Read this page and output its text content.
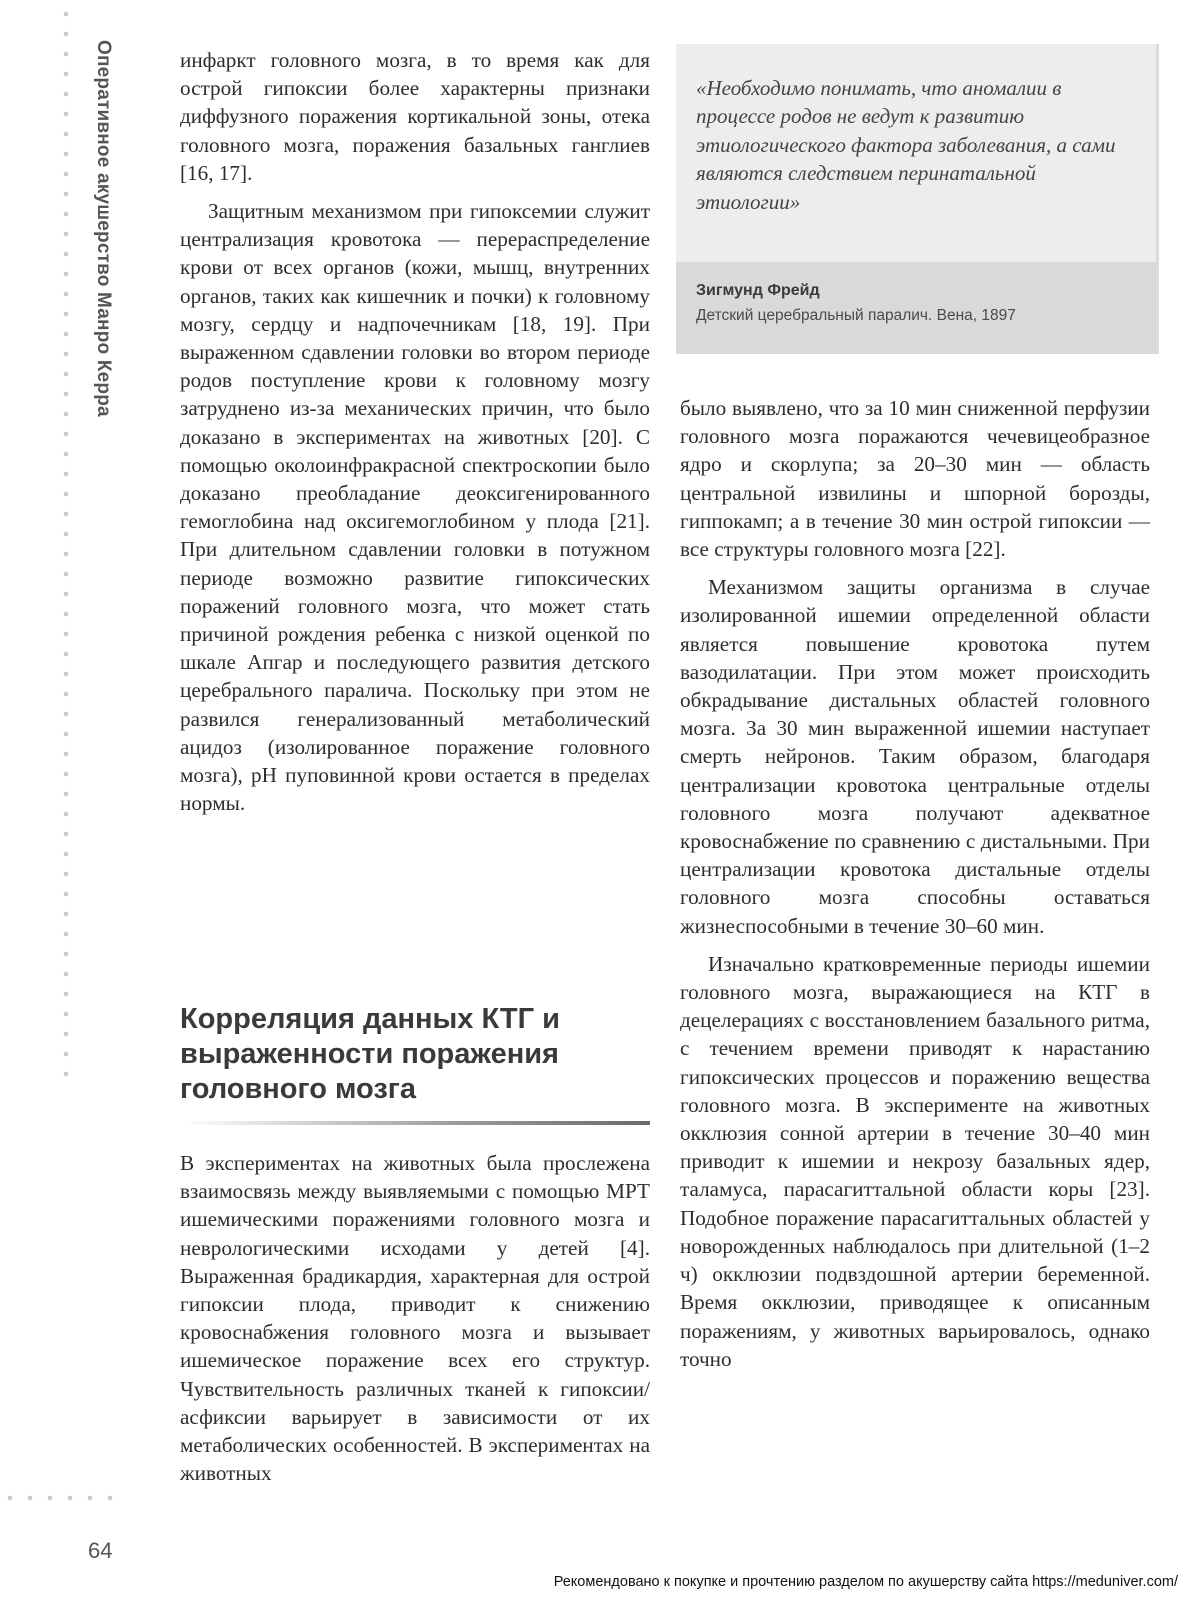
Оперативное акушерство Манро Керра	инфаркт головного мозга, в то время как для острой гипоксии более характерны признаки диффузного поражения кортикальной зоны, отека головного мозга, поражения базальных ганглиев [16, 17].

Защитным механизмом при гипоксемии служит централизация кровотока — перераспределение крови от всех органов (кожи, мышц, внутренних органов, таких как кишечник и почки) к головному мозгу, сердцу и надпочечникам [18, 19]. При выраженном сдавлении головки во втором периоде родов поступление крови к головному мозгу затруднено из-за механических причин, что было доказано в экспериментах на животных [20]. С помощью околоинфракрасной спектроскопии было доказано преобладание деоксигенированного гемоглобина над оксигемоглобином у плода [21]. При длительном сдавлении головки в потужном периоде возможно развитие гипоксических поражений головного мозга, что может стать причиной рождения ребенка с низкой оценкой по шкале Апгар и последующего развития детского церебрального паралича. Поскольку при этом не развился генерализованный метаболический ацидоз (изолированное поражение головного мозга), pH пуповинной крови остается в пределах нормы.

«Необходимо понимать, что аномалии в процессе родов не ведут к развитию этиологического фактора заболевания, а сами являются следствием перинатальной этиологии»
Зигмунд Фрейд
Детский церебральный паралич. Вена, 1897

было выявлено, что за 10 мин сниженной перфузии головного мозга поражаются чечевицеобразное ядро и скорлупа; за 20–30 мин — область центральной извилины и шпорной борозды, гиппокамп; а в течение 30 мин острой гипоксии — все структуры головного мозга [22].

Механизмом защиты организма в случае изолированной ишемии определенной области является повышение кровотока путем вазодилатации. При этом может происходить обкрадывание дистальных областей головного мозга. За 30 мин выраженной ишемии наступает смерть нейронов. Таким образом, благодаря централизации кровотока центральные отделы головного мозга получают адекватное кровоснабжение по сравнению с дистальными. При централизации кровотока дистальные отделы головного мозга способны оставаться жизнеспособными в течение 30–60 мин.

Изначально кратковременные периоды ишемии головного мозга, выражающиеся на КТГ в децелерациях с восстановлением базального ритма, с течением времени приводят к нарастанию гипоксических процессов и поражению вещества головного мозга. В эксперименте на животных окклюзия сонной артерии в течение 30–40 мин приводит к ишемии и некрозу базальных ядер, таламуса, парасагиттальной области коры [23]. Подобное поражение парасагиттальных областей у новорожденных наблюдалось при длительной (1–2 ч) окклюзии подвздошной артерии беременной. Время окклюзии, приводящее к описанным поражениям, у животных варьировалось, однако точно

Корреляция данных КТГ и выраженности поражения головного мозга

В экспериментах на животных была прослежена взаимосвязь между выявляемыми с помощью МРТ ишемическими поражениями головного мозга и неврологическими исходами у детей [4]. Выраженная брадикардия, характерная для острой гипоксии плода, приводит к снижению кровоснабжения головного мозга и вызывает ишемическое поражение всех его структур. Чувствительность различных тканей к гипоксии/асфиксии варьирует в зависимости от их метаболических особенностей. В экспериментах на животных

64
Рекомендовано к покупке и прочтению разделом по акушерству сайта https://meduniver.com/
